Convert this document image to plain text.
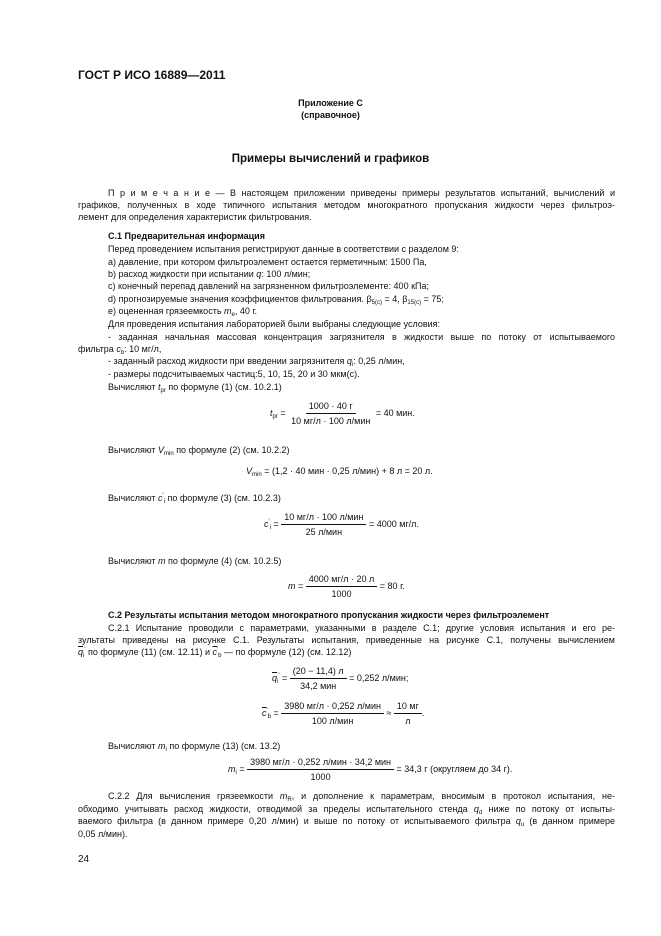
ГОСТ Р ИСО 16889—2011
Приложение С
(справочное)
Примеры вычислений и графиков
П р и м е ч а н и е — В настоящем приложении приведены примеры результатов испытаний, вычислений и
графиков, полученных в ходе типичного испытания методом многократного пропускания жидкости через фильтроэ-
лемент для определения характеристик фильтрования.
С.1 Предварительная информация
Перед проведением испытания регистрируют данные в соответствии с разделом 9:
а) давление, при котором фильтроэлемент остается герметичным: 1500 Па,
b) расход жидкости при испытании q: 100 л/мин;
с) конечный перепад давлений на загрязненном фильтроэлементе: 400 кПа;
d) прогнозируемые значения коэффициентов фильтрования. $\beta_{5(c)} = 4$, $\beta_{15(c)} = 75$;
е) оцененная грязеемкость $m_e$, 40 г.
Для проведения испытания лабораторией были выбраны следующие условия:
- заданная начальная массовая концентрация загрязнителя в жидкости выше по потоку от испытываемого
фильтра $c_b$: 10 мг/л,
- заданный расход жидкости при введении загрязнителя $q_i$: 0,25 л/мин,
- размеры подсчитываемых частиц:5, 10, 15, 20 и 30 мкм(с).
Вычисляют $t_{pr}$ по формуле (1) (см. 10.2.1)
$t_{pr} = \frac{1000 \cdot 40 г}{\text{10 мг/л · 100 л/мин}} = 40$ мин.
Вычисляют $V_{min}$ по формуле (2) (см. 10.2.2)
$V_{min} = (1,2 \cdot 40$ мин · 0,25 л/мин) + 8 л = 20 л.
Вычисляют $c'_i$ по формуле (3) (см. 10.2.3)
$c'_i = \frac{\text{10 мг/л · 100 л/мин}}{\text{25 л/мин}} = 4000$ мг/л.
Вычисляют m по формуле (4) (см. 10.2.5)
$m = \frac{4000 мг/л \cdot 20 л}{1000} = 80$ г.
С.2 Результаты испытания методом многократного пропускания жидкости через фильтроэлемент
С.2.1 Испытание проводили с параметрами, указанными в разделе С.1; другие условия испытания и его ре-
зультаты приведены на рисунке С.1. Результаты испытания, приведенные на рисунке С.1, получены вычислением
$\overline{q}_i'$ по формуле (11) (см. 12.11) и $\overline{c}'_b$ — по формуле (12) (см. 12.12)
$\overline{q}_i' = \frac{(20 - 11,4) л}{\text{34,2 мин}} = 0,252$ л/мин;
$\overline{c}'_b = \frac{\text{3980 мг/л · 0,252 л/мин}}{\text{100 л/мин}} \approx \frac{10 мг}{л}$ .
Вычисляют $m_i$ по формуле (13) (см. 13.2)
$m_i = \frac{\text{3980 мг/л · 0,252 л/мин · 34,2 мин}}{1000} = 34,3$ г (округляем до 34 г).
С.2.2 Для вычисления грязеемкости $m_R$, и дополнение к параметрам, вносимым в протокол испытания, не-
обходимо учитывать расход жидкости, отводимой за пределы испытательного стенда $q_d$ ниже по потоку от испыты-
ваемого фильтра (в данном примере 0,20 л/мин) и выше по потоку от испытываемого фильтра $q_u$ (в данном примере
0,05 л/мин).
24
